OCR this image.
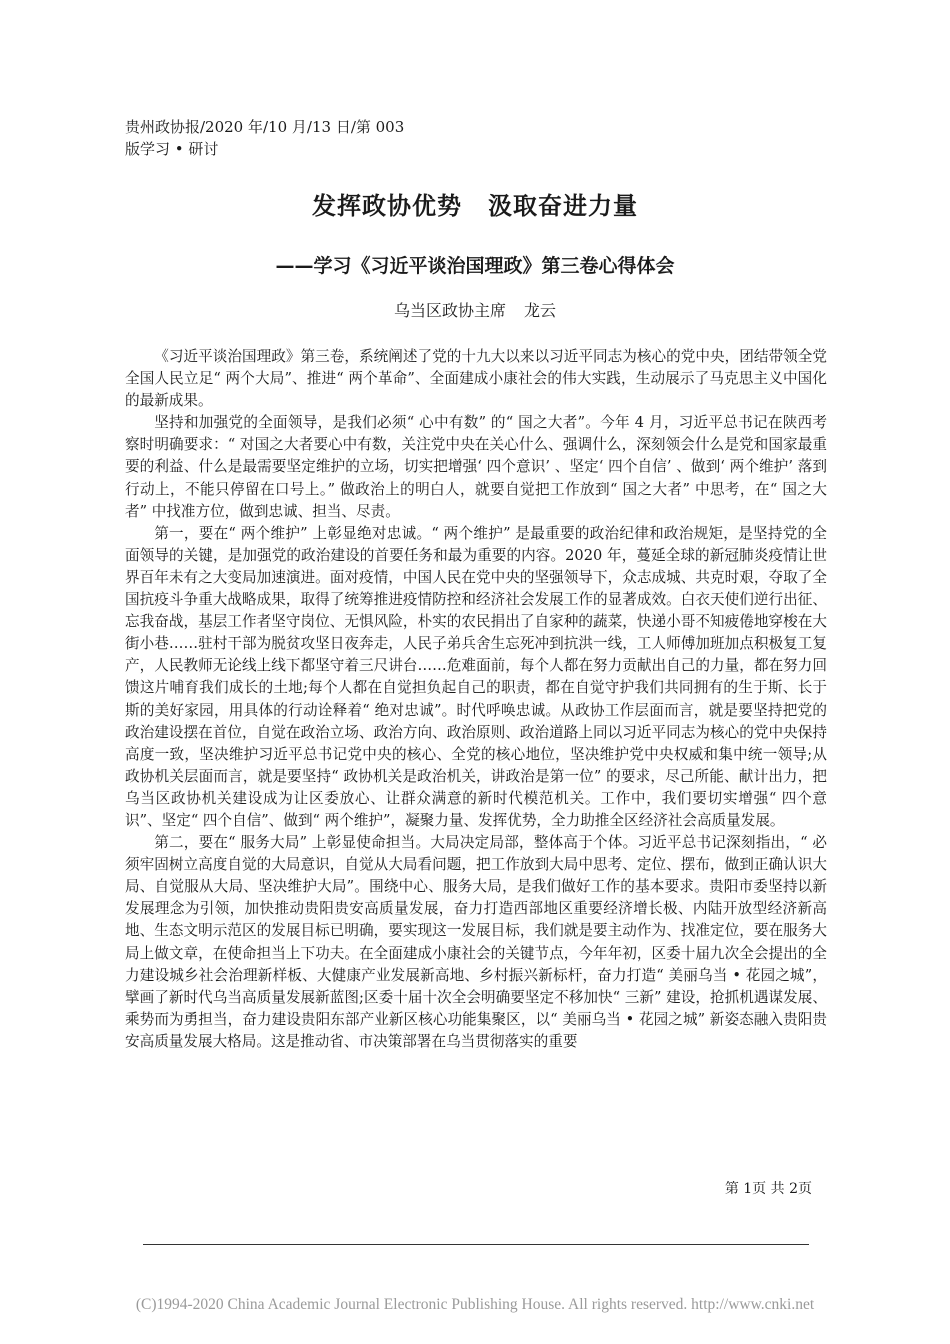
贵州政协报/2020 年/10 月/13 日/第 003
版学习 • 研讨
发挥政协优势 汲取奋进力量
——学习《习近平谈治国理政》第三卷心得体会
乌当区政协主席 龙云

《习近平谈治国理政》第三卷，系统阐述了党的十九大以来以习近平同志为核心的党中央，团结带领全党全国人民立足“ 两个大局”、推进“ 两个革命”、全面建成小康社会的伟大实践，生动展示了马克思主义中国化的最新成果。

坚持和加强党的全面领导，是我们必须“ 心中有数” 的“ 国之大者”。今年 4 月，习近平总书记在陕西考察时明确要求：“ 对国之大者要心中有数，关注党中央在关心什么、强调什么，深刻领会什么是党和国家最重要的利益、什么是最需要坚定维护的立场，切实把增强‘ 四个意识’ 、坚定‘ 四个自信’ 、做到‘ 两个维护’ 落到行动上，不能只停留在口号上。” 做政治上的明白人，就要自觉把工作放到“ 国之大者” 中思考，在“ 国之大者” 中找准方位，做到忠诚、担当、尽责。

第一，要在“ 两个维护” 上彰显绝对忠诚。“ 两个维护” 是最重要的政治纪律和政治规矩，是坚持党的全面领导的关键，是加强党的政治建设的首要任务和最为重要的内容。2020 年，蔓延全球的新冠肺炎疫情让世界百年未有之大变局加速演进。面对疫情，中国人民在党中央的坚强领导下，众志成城、共克时艰，夺取了全国抗疫斗争重大战略成果，取得了统筹推进疫情防控和经济社会发展工作的显著成效。白衣天使们逆行出征、忘我奋战，基层工作者坚守岗位、无惧风险，朴实的农民捐出了自家种的蔬菜，快递小哥不知疲倦地穿梭在大街小巷……驻村干部为脱贫攻坚日夜奔走，人民子弟兵舍生忘死冲到抗洪一线，工人师傅加班加点积极复工复产，人民教师无论线上线下都坚守着三尺讲台……危难面前，每个人都在努力贡献出自己的力量，都在努力回馈这片哺育我们成长的土地;每个人都在自觉担负起自己的职责，都在自觉守护我们共同拥有的生于斯、长于斯的美好家园，用具体的行动诠释着“ 绝对忠诚”。时代呼唤忠诚。从政协工作层面而言，就是要坚持把党的政治建设摆在首位，自觉在政治立场、政治方向、政治原则、政治道路上同以习近平同志为核心的党中央保持高度一致，坚决维护习近平总书记党中央的核心、全党的核心地位，坚决维护党中央权威和集中统一领导;从政协机关层面而言，就是要坚持“ 政协机关是政治机关，讲政治是第一位” 的要求，尽己所能、献计出力，把乌当区政协机关建设成为让区委放心、让群众满意的新时代模范机关。工作中，我们要切实增强“ 四个意识”、坚定“ 四个自信”、做到“ 两个维护”，凝聚力量、发挥优势，全力助推全区经济社会高质量发展。

第二，要在“ 服务大局” 上彰显使命担当。大局决定局部，整体高于个体。习近平总书记深刻指出，“ 必须牢固树立高度自觉的大局意识，自觉从大局看问题，把工作放到大局中思考、定位、摆布，做到正确认识大局、自觉服从大局、坚决维护大局”。围绕中心、服务大局，是我们做好工作的基本要求。贵阳市委坚持以新发展理念为引领，加快推动贵阳贵安高质量发展，奋力打造西部地区重要经济增长极、内陆开放型经济新高地、生态文明示范区的发展目标已明确，要实现这一发展目标，我们就是要主动作为、找准定位，要在服务大局上做文章，在使命担当上下功夫。在全面建成小康社会的关键节点，今年年初，区委十届九次全会提出的全力建设城乡社会治理新样板、大健康产业发展新高地、乡村振兴新标杆，奋力打造“ 美丽乌当 • 花园之城”，擘画了新时代乌当高质量发展新蓝图;区委十届十次全会明确要坚定不移加快“ 三新” 建设，抢抓机遇谋发展、乘势而为勇担当，奋力建设贵阳东部产业新区核心功能集聚区，以“ 美丽乌当 • 花园之城” 新姿态融入贵阳贵安高质量发展大格局。这是推动省、市决策部署在乌当贯彻落实的重要

第 1页 共 2页
(C)1994-2020 China Academic Journal Electronic Publishing House. All rights reserved. http://www.cnki.net
